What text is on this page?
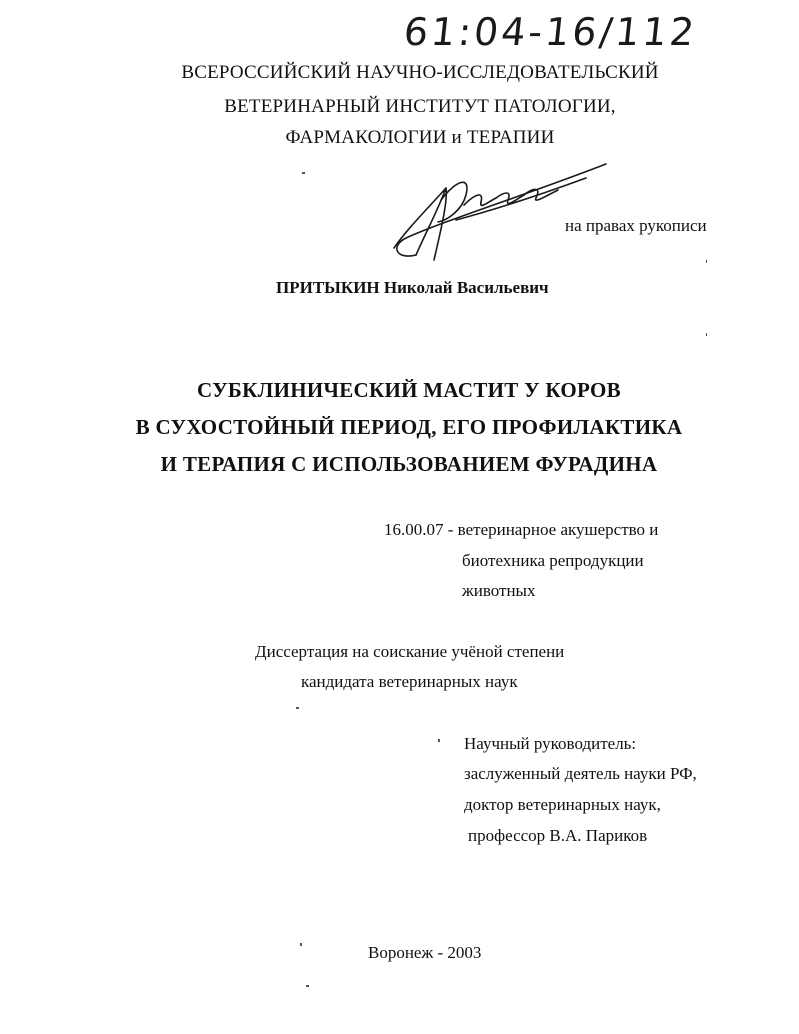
61:04-16/112
ВСЕРОССИЙСКИЙ НАУЧНО-ИССЛЕДОВАТЕЛЬСКИЙ
ВЕТЕРИНАРНЫЙ ИНСТИТУТ ПАТОЛОГИИ,
ФАРМАКОЛОГИИ и ТЕРАПИИ
на правах рукописи
ПРИТЫКИН Николай Васильевич
СУБКЛИНИЧЕСКИЙ МАСТИТ У КОРОВ
В СУХОСТОЙНЫЙ ПЕРИОД, ЕГО ПРОФИЛАКТИКА
И ТЕРАПИЯ С ИСПОЛЬЗОВАНИЕМ ФУРАДИНА
16.00.07 - ветеринарное акушерство и
биотехника репродукции
животных
Диссертация на соискание учёной степени
кандидата ветеринарных наук
Научный руководитель:
заслуженный деятель науки РФ,
доктор ветеринарных наук,
профессор В.А. Париков
Воронеж - 2003
